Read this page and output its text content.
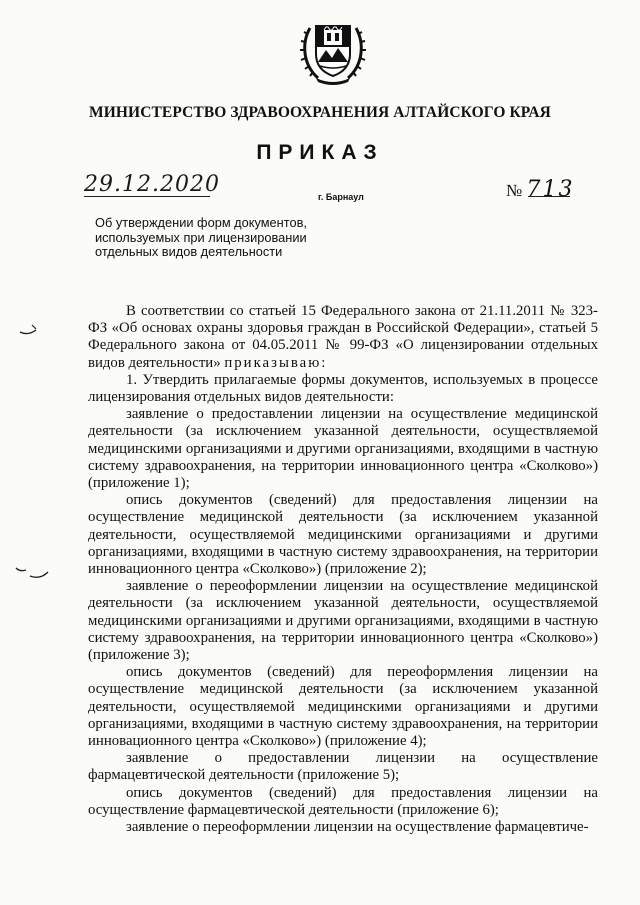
МИНИСТЕРСТВО ЗДРАВООХРАНЕНИЯ АЛТАЙСКОГО КРАЯ
ПРИКАЗ
29.12.2020	г. Барнаул	№ 713
Об утверждении форм документов,
используемых при лицензировании
отдельных видов деятельности

В соответствии со статьей 15 Федерального закона от 21.11.2011 № 323-ФЗ «Об основах охраны здоровья граждан в Российской Федерации», статьей 5 Федерального закона от 04.05.2011 № 99-ФЗ «О лицензировании отдельных видов деятельности» приказываю:

1. Утвердить прилагаемые формы документов, используемых в процессе лицензирования отдельных видов деятельности:

заявление о предоставлении лицензии на осуществление медицинской деятельности (за исключением указанной деятельности, осуществляемой медицинскими организациями и другими организациями, входящими в частную систему здравоохранения, на территории инновационного центра «Сколково») (приложение 1);

опись документов (сведений) для предоставления лицензии на осуществление медицинской деятельности (за исключением указанной деятельности, осуществляемой медицинскими организациями и другими организациями, входящими в частную систему здравоохранения, на территории инновационного центра «Сколково») (приложение 2);

заявление о переоформлении лицензии на осуществление медицинской деятельности (за исключением указанной деятельности, осуществляемой медицинскими организациями и другими организациями, входящими в частную систему здравоохранения, на территории инновационного центра «Сколково») (приложение 3);

опись документов (сведений) для переоформления лицензии на осуществление медицинской деятельности (за исключением указанной деятельности, осуществляемой медицинскими организациями и другими организациями, входящими в частную систему здравоохранения, на территории инновационного центра «Сколково») (приложение 4);

заявление о предоставлении лицензии на осуществление фармацевтической деятельности (приложение 5);

опись документов (сведений) для предоставления лицензии на осуществление фармацевтической деятельности (приложение 6);

заявление о переоформлении лицензии на осуществление фармацевтиче-
